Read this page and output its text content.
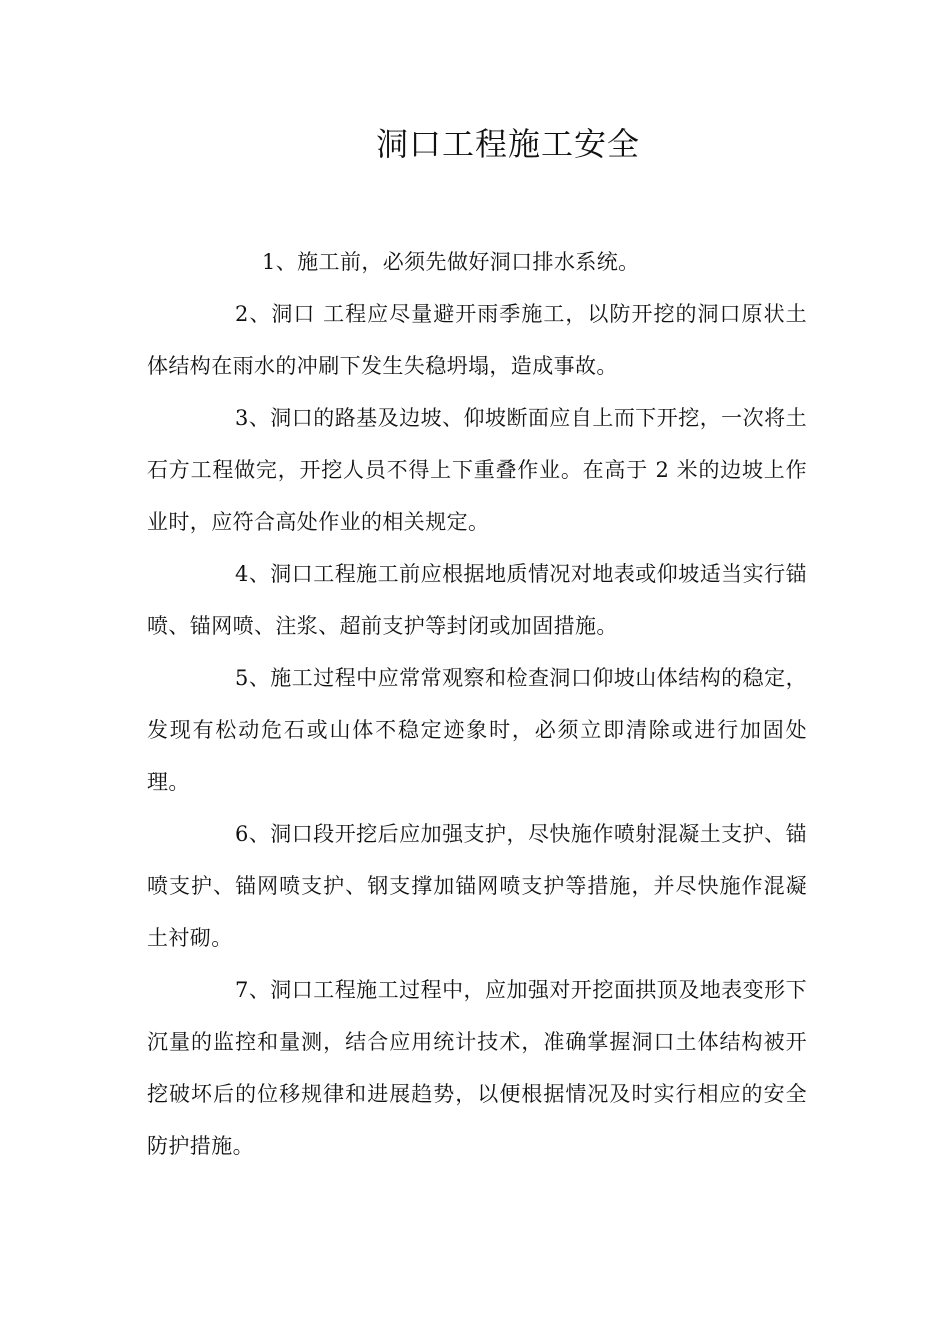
洞口工程施工安全

1、施工前，必须先做好洞口排水系统。

2、洞口 工程应尽量避开雨季施工，以防开挖的洞口原状土体结构在雨水的冲刷下发生失稳坍塌，造成事故。

3、洞口的路基及边坡、仰坡断面应自上而下开挖，一次将土石方工程做完，开挖人员不得上下重叠作业。在高于 2 米的边坡上作业时，应符合高处作业的相关规定。

4、洞口工程施工前应根据地质情况对地表或仰坡适当实行锚喷、锚网喷、注浆、超前支护等封闭或加固措施。

5、施工过程中应常常观察和检查洞口仰坡山体结构的稳定，发现有松动危石或山体不稳定迹象时，必须立即清除或进行加固处理。

6、洞口段开挖后应加强支护，尽快施作喷射混凝土支护、锚喷支护、锚网喷支护、钢支撑加锚网喷支护等措施，并尽快施作混凝土衬砌。

7、洞口工程施工过程中，应加强对开挖面拱顶及地表变形下沉量的监控和量测，结合应用统计技术，准确掌握洞口土体结构被开挖破坏后的位移规律和进展趋势，以便根据情况及时实行相应的安全防护措施。
